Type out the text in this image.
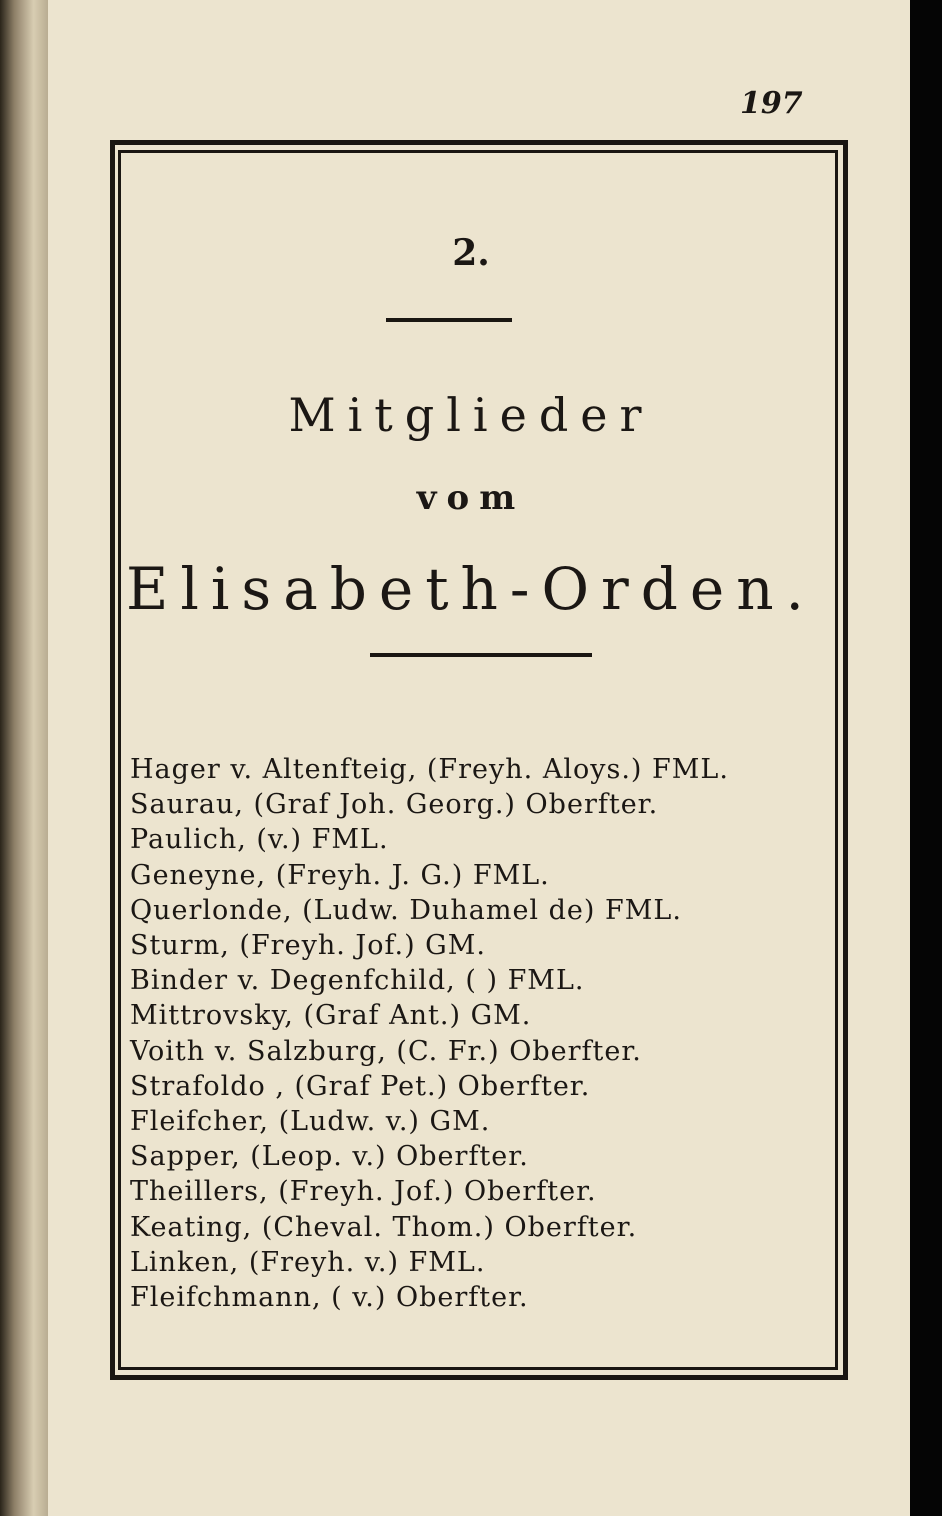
197
2.
Mitglieder
vom
Elisabeth-Orden.
Hager v. Altenfteig, (Freyh. Aloys.) FML.
Saurau, (Graf Joh. Georg.) Oberfter.
Paulich, (v.) FML.
Geneyne, (Freyh. J. G.) FML.
Querlonde, (Ludw. Duhamel de) FML.
Sturm, (Freyh. Jof.) GM.
Binder v. Degenfchild, ( ) FML.
Mittrovsky, (Graf Ant.) GM.
Voith v. Salzburg, (C. Fr.) Oberfter.
Strafoldo , (Graf Pet.) Oberfter.
Fleifcher, (Ludw. v.) GM.
Sapper, (Leop. v.) Oberfter.
Theillers, (Freyh. Jof.) Oberfter.
Keating, (Cheval. Thom.) Oberfter.
Linken, (Freyh. v.) FML.
Fleifchmann, ( v.) Oberfter.
